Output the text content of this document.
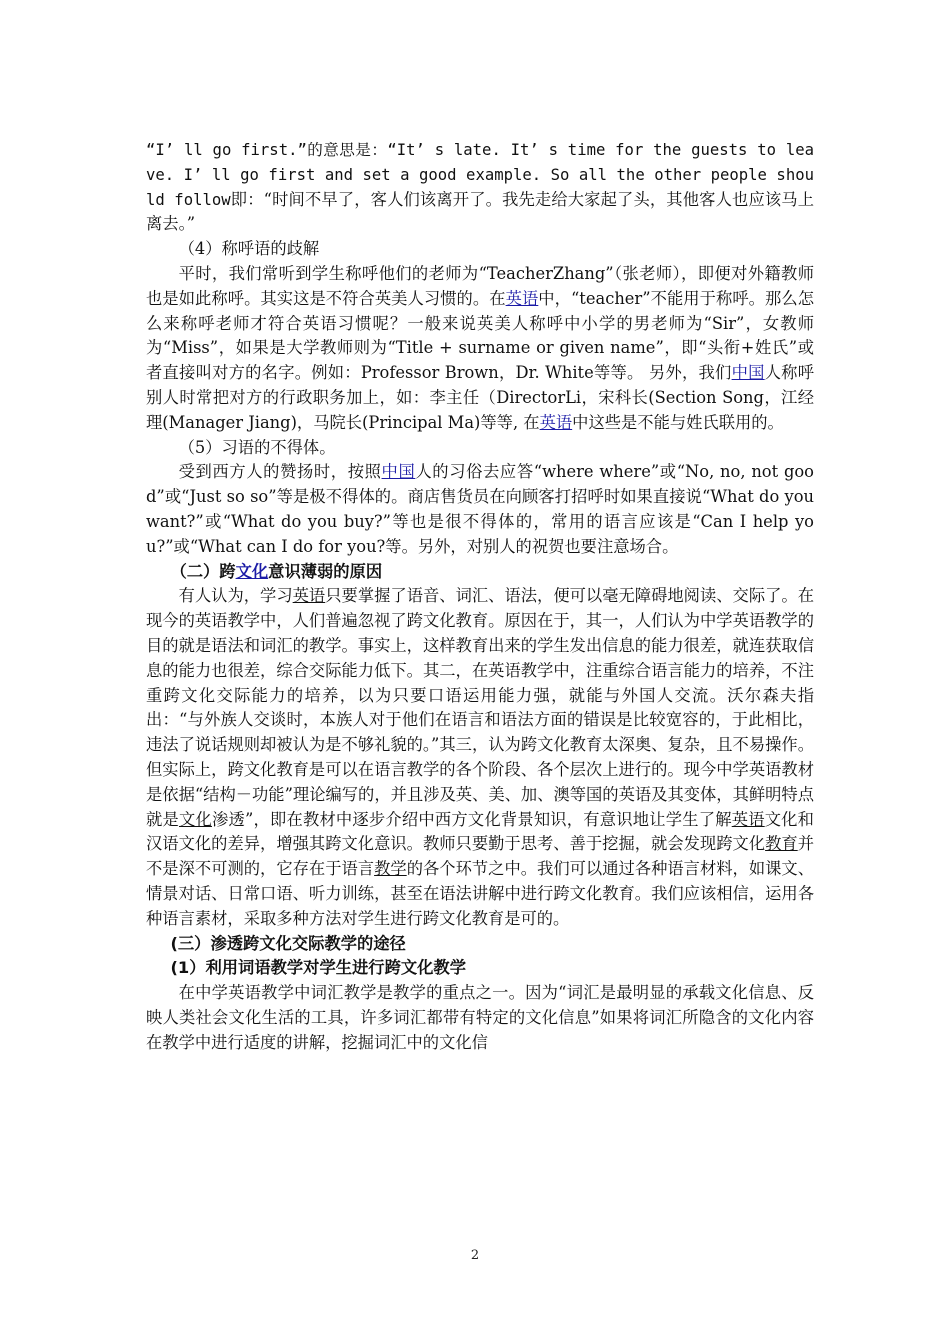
“I’ ll go first.”的意思是：“It’ s late. It’ s time for the guests to leave. I’ ll go first and set a good example. So all the other people should follow即：“时间不早了，客人们该离开了。我先走给大家起了头，其他客人也应该马上离去。”

（4）称呼语的歧解

平时，我们常听到学生称呼他们的老师为“TeacherZhang”（张老师），即便对外籍教师也是如此称呼。其实这是不符合英美人习惯的。在英语中，“teacher”不能用于称呼。那么怎么来称呼老师才符合英语习惯呢？一般来说英美人称呼中小学的男老师为“Sir”，女教师为“Miss”，如果是大学教师则为“Title + surname or given name”，即“头衔+姓氏”或者直接叫对方的名字。例如：Professor Brown，Dr. White等等。 另外，我们中国人称呼别人时常把对方的行政职务加上，如：李主任（DirectorLi，宋科长(Section Song，江经理(Manager Jiang)，马院长(Principal Ma)等等, 在英语中这些是不能与姓氏联用的。

（5）习语的不得体。

受到西方人的赞扬时，按照中国人的习俗去应答“where where”或“No, no, not good”或“Just so so”等是极不得体的。商店售货员在向顾客打招呼时如果直接说“What do you want?”或“What do you buy?”等也是很不得体的，常用的语言应该是“Can I help you?”或“What can I do for you?等。另外，对别人的祝贺也要注意场合。

（二）跨文化意识薄弱的原因

有人认为，学习英语只要掌握了语音、词汇、语法，便可以毫无障碍地阅读、交际了。在现今的英语教学中，人们普遍忽视了跨文化教育。原因在于，其一，人们认为中学英语教学的目的就是语法和词汇的教学。事实上，这样教育出来的学生发出信息的能力很差，就连获取信息的能力也很差，综合交际能力低下。其二，在英语教学中，注重综合语言能力的培养，不注重跨文化交际能力的培养，以为只要口语运用能力强，就能与外国人交流。沃尔森夫指出：“与外族人交谈时，本族人对于他们在语言和语法方面的错误是比较宽容的，于此相比，违法了说话规则却被认为是不够礼貌的。”其三，认为跨文化教育太深奥、复杂，且不易操作。但实际上，跨文化教育是可以在语言教学的各个阶段、各个层次上进行的。现今中学英语教材是依据“结构－功能”理论编写的，并且涉及英、美、加、澳等国的英语及其变体，其鲜明特点就是文化渗透”，即在教材中逐步介绍中西方文化背景知识，有意识地让学生了解英语文化和汉语文化的差异，增强其跨文化意识。教师只要勤于思考、善于挖掘，就会发现跨文化教育并不是深不可测的，它存在于语言教学的各个环节之中。我们可以通过各种语言材料，如课文、情景对话、日常口语、听力训练，甚至在语法讲解中进行跨文化教育。我们应该相信，运用各种语言素材，采取多种方法对学生进行跨文化教育是可的。

(三）渗透跨文化交际教学的途径

(1）利用词语教学对学生进行跨文化教学

在中学英语教学中词汇教学是教学的重点之一。因为“词汇是最明显的承载文化信息、反映人类社会文化生活的工具，许多词汇都带有特定的文化信息”如果将词汇所隐含的文化内容在教学中进行适度的讲解，挖掘词汇中的文化信

2
